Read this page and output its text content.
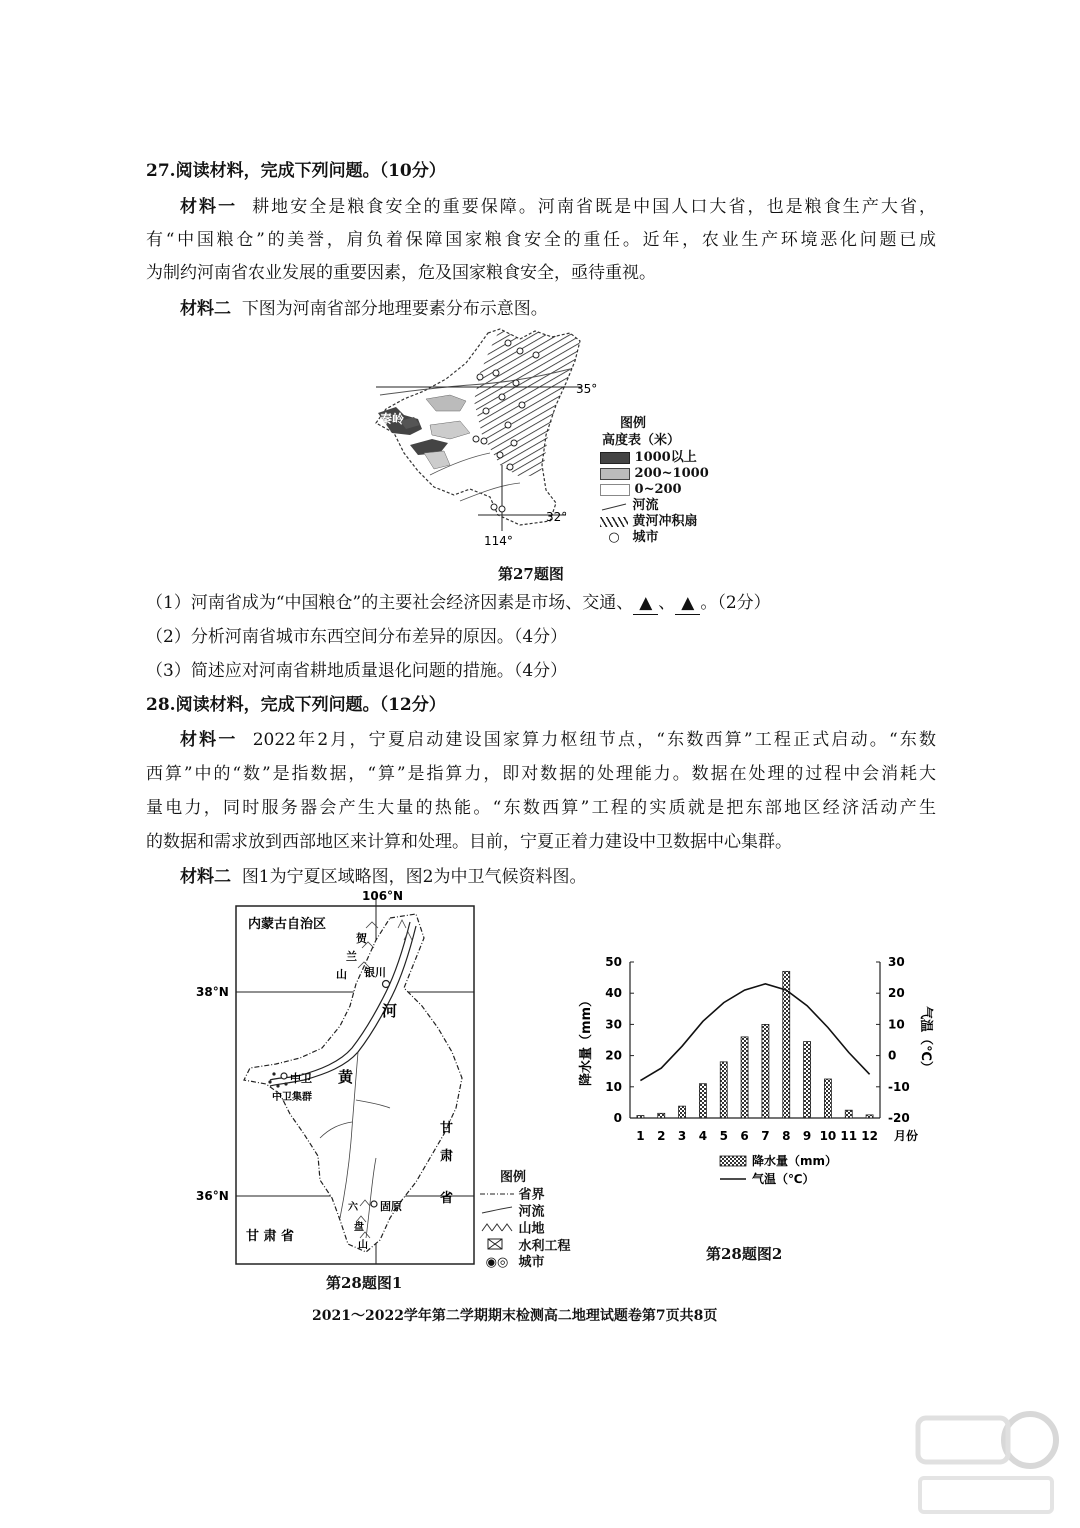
27.阅读材料，完成下列问题。（10分）
材料一 耕地安全是粮食安全的重要保障。河南省既是中国人口大省，也是粮食生产大省，
有“中国粮仓”的美誉，肩负着保障国家粮食安全的重任。近年，农业生产环境恶化问题已成
为制约河南省农业发展的重要因素，危及国家粮食安全，亟待重视。
材料二 下图为河南省部分地理要素分布示意图。
秦岭
35°
32°
114°
图例
高度表（米）
1000以上
200~1000
0~200
河流
黄河冲积扇
○ 城市
第27题图
（1）河南省成为“中国粮仓”的主要社会经济因素是市场、交通、 ▲ 、 ▲ 。（2分）
（2）分析河南省城市东西空间分布差异的原因。（4分）
（3）简述应对河南省耕地质量退化问题的措施。（4分）
28.阅读材料，完成下列问题。（12分）
材料一 2022年2月，宁夏启动建设国家算力枢纽节点，“东数西算”工程正式启动。“东数
西算”中的“数”是指数据，“算”是指算力，即对数据的处理能力。数据在处理的过程中会消耗大
量电力，同时服务器会产生大量的热能。“东数西算”工程的实质就是把东部地区经济活动产生
的数据和需求放到西部地区来计算和处理。目前，宁夏正着力建设中卫数据中心集群。
材料二 图1为宁夏区域略图，图2为中卫气候资料图。
106°N
38°N
36°N
内蒙古自治区
贺
兰
山 银川
河
黄
中卫
中卫集群
甘
肃
省
甘 肃 省
固原
六
盘
山
图例
省界
河流
山地
水利工程
◉◎ 城市
第28题图1
0
10
20
30
40
50
-20
-10
0
10
20
30
1 2 3 4 5 6 7 8 9 10 11 12 月份
降水量（mm）	气温（℃）
降水量（mm）
气温（℃）
第28题图2
2021～2022学年第二学期期末检测高二地理试题卷第7页共8页
